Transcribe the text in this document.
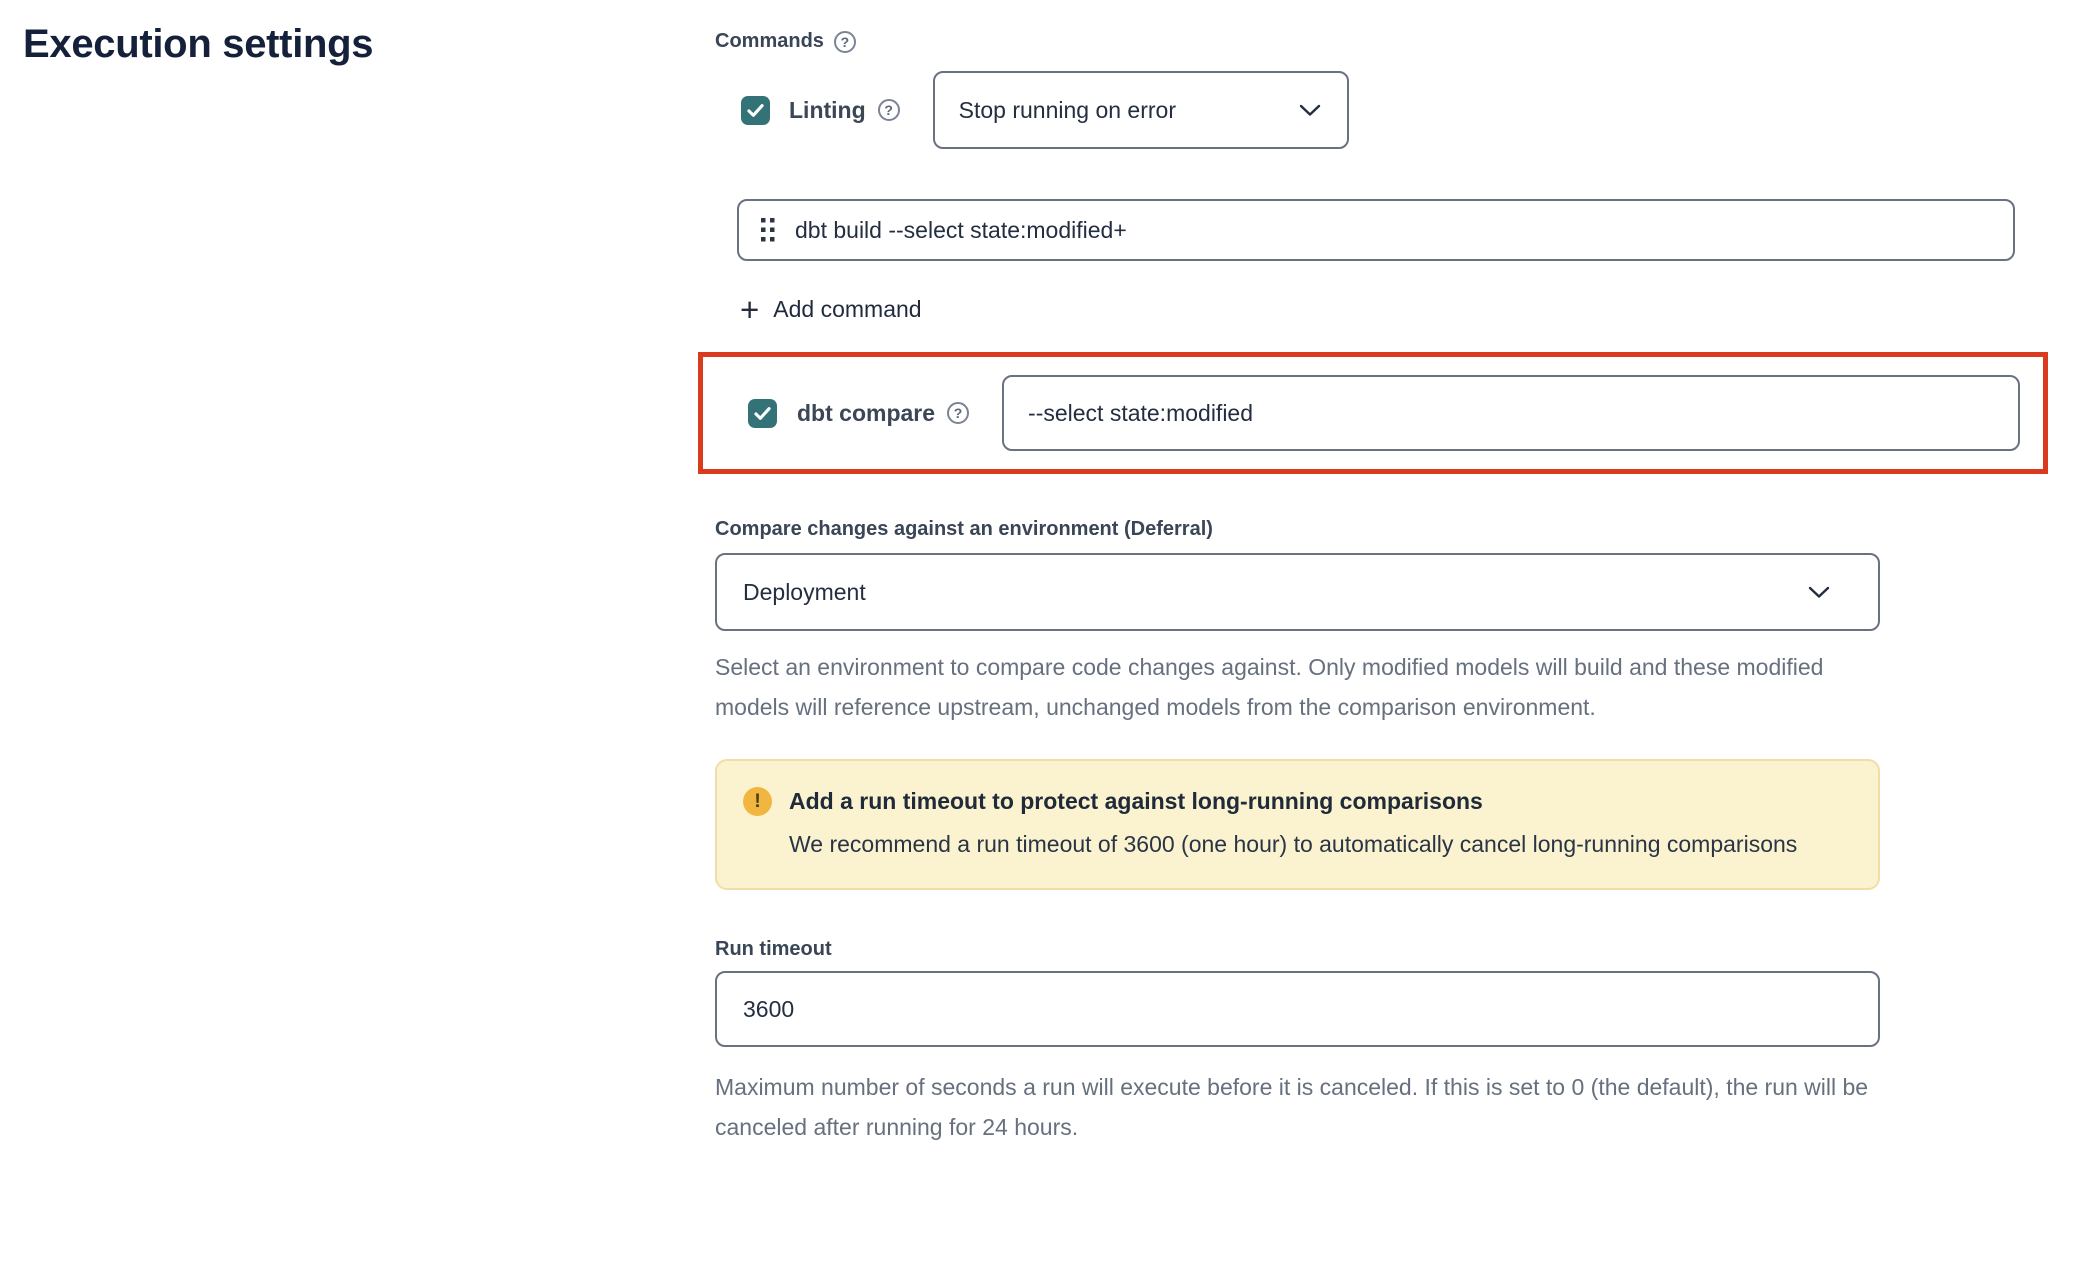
Execution settings	Commands	?
Linting	?	Stop running on error
dbt build --select state:modified+
+ Add command
dbt compare	?
--select state:modified
Compare changes against an environment (Deferral)
Deployment

Select an environment to compare code changes against. Only modified models will build and these modified models will reference upstream, unchanged models from the comparison environment.

!	Add a run timeout to protect against long-running comparisons
We recommend a run timeout of 3600 (one hour) to automatically cancel long-running comparisons
Run timeout
3600

Maximum number of seconds a run will execute before it is canceled. If this is set to 0 (the default), the run will be canceled after running for 24 hours.
